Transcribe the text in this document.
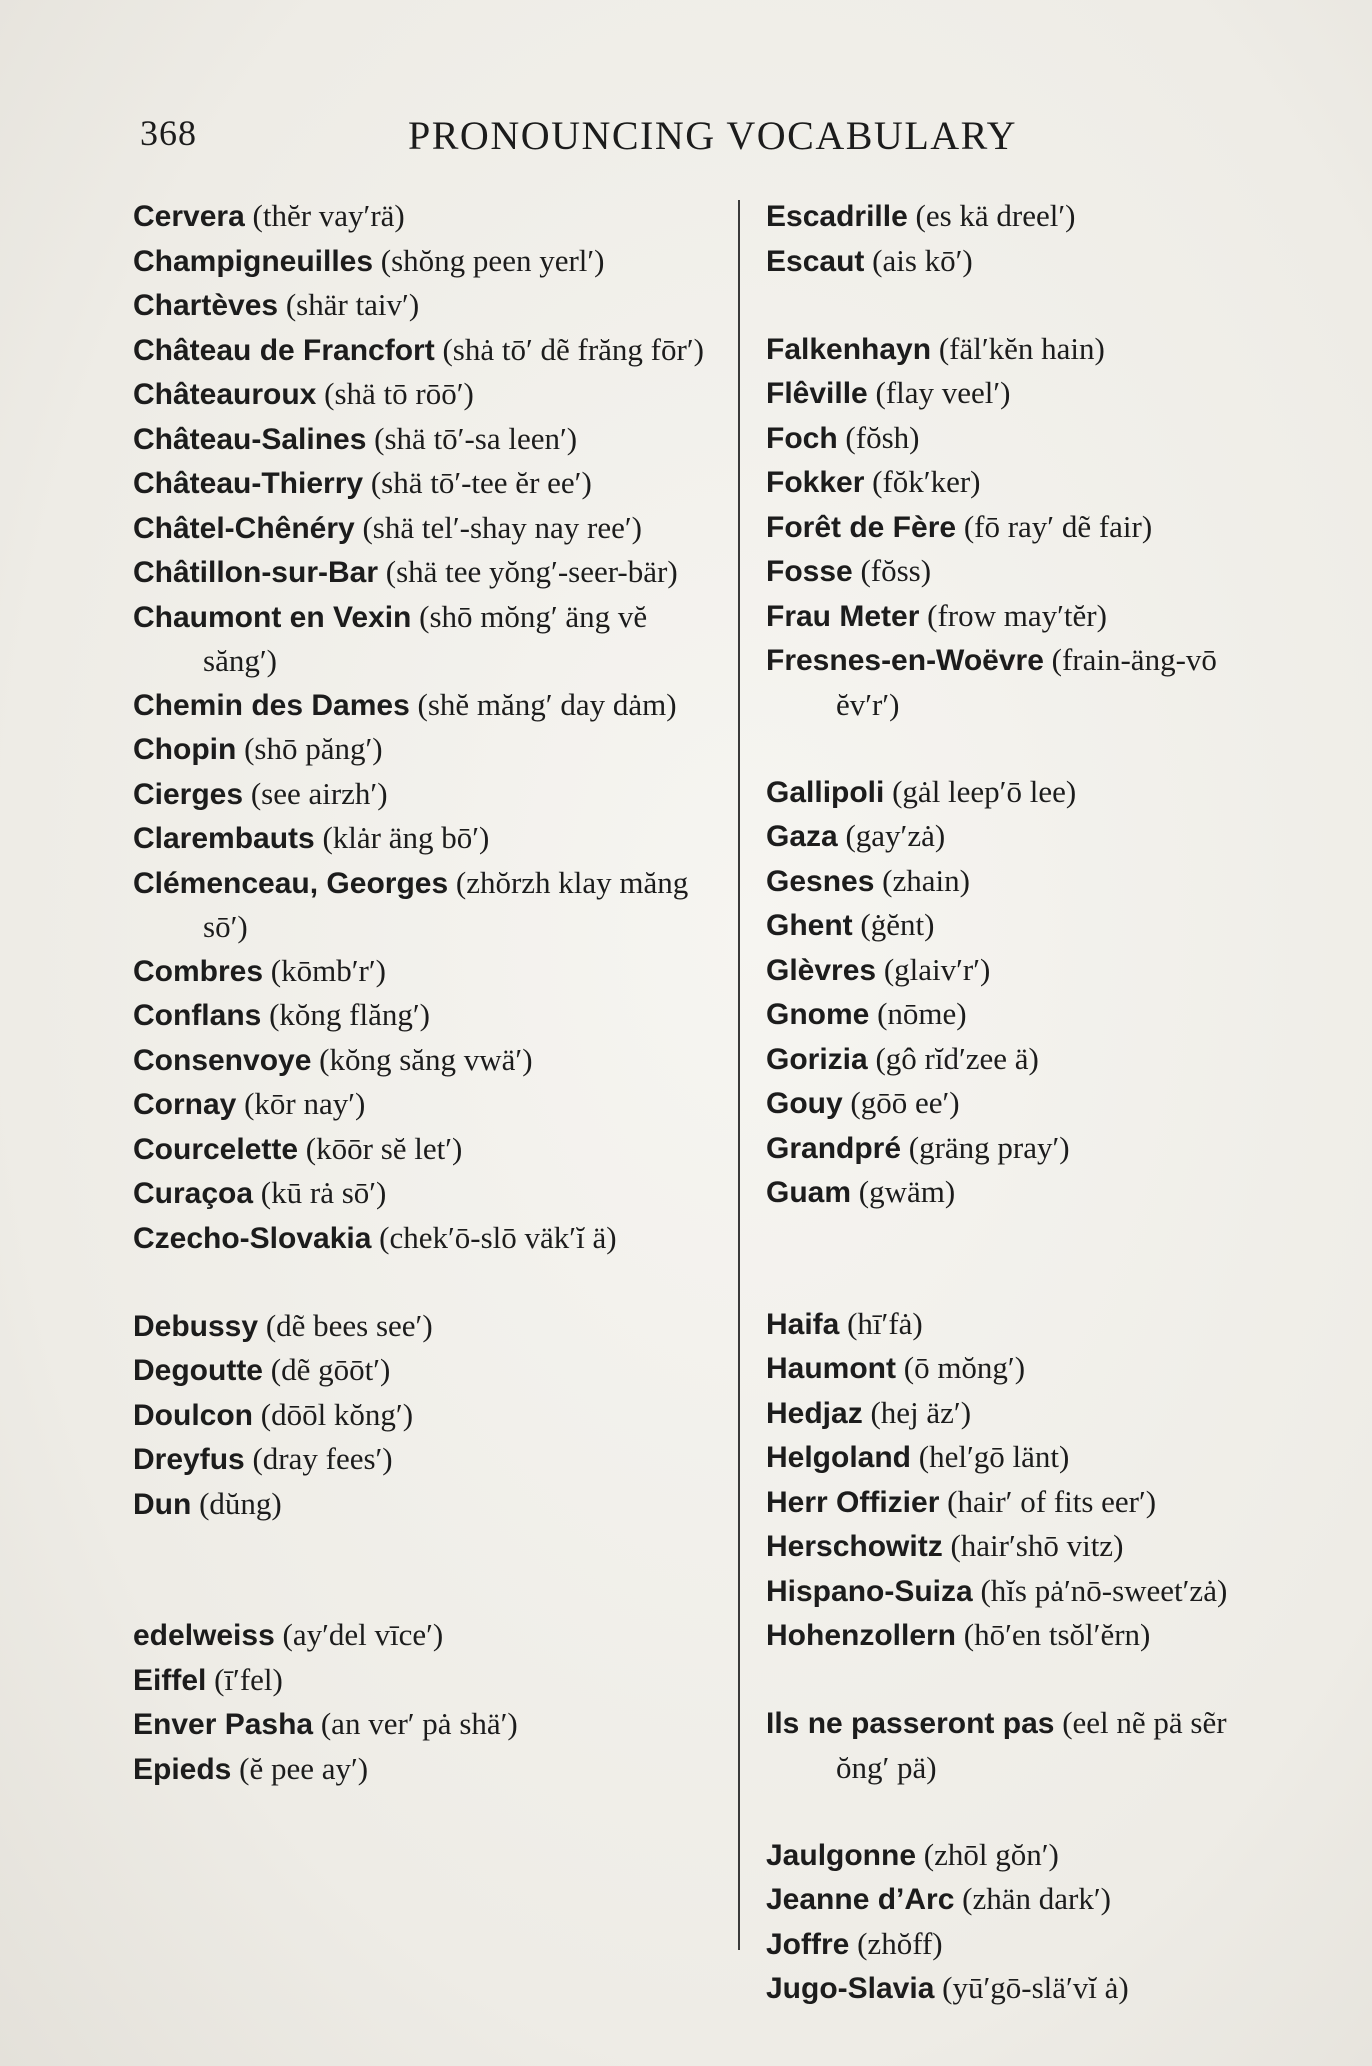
368	PRONOUNCING VOCABULARY
Cervera (thĕr vay′rä)
Champigneuilles (shŏng peen yerl′)
Chartèves (shär taiv′)
Château de Francfort (shȧ tō′ dẽ frăng fōr′)
Châteauroux (shä tō rōō′)
Château-Salines (shä tō′-sa leen′)
Château-Thierry (shä tō′-tee ĕr ee′)
Châtel-Chênéry (shä tel′-shay nay ree′)
Châtillon-sur-Bar (shä tee yŏng′-seer-bär)
Chaumont en Vexin (shō mŏng′ äng vĕ săng′)
Chemin des Dames (shĕ măng′ day dȧm)
Chopin (shō păng′)
Cierges (see airzh′)
Clarembauts (klȧr äng bō′)
Clémenceau, Georges (zhŏrzh klay măng sō′)
Combres (kōmb′r′)
Conflans (kŏng flăng′)
Consenvoye (kŏng săng vwä′)
Cornay (kōr nay′)
Courcelette (kōōr sĕ let′)
Curaçoa (kū rȧ sō′)
Czecho-Slovakia (chek′ō-slō väk′ĭ ä)
Debussy (dẽ bees see′)
Degoutte (dẽ gōōt′)
Doulcon (dōōl kŏng′)
Dreyfus (dray fees′)
Dun (dŭng)
edelweiss (ay′del vīce′)
Eiffel (ī′fel)
Enver Pasha (an ver′ pȧ shä′)
Epieds (ĕ pee ay′)
Escadrille (es kä dreel′)
Escaut (ais kō′)
Falkenhayn (fäl′kĕn hain)
Flêville (flay veel′)
Foch (fŏsh)
Fokker (fŏk′ker)
Forêt de Fère (fō ray′ dẽ fair)
Fosse (fŏss)
Frau Meter (frow may′tĕr)
Fresnes-en-Woëvre (frain-äng-vō ĕv′r′)
Gallipoli (gȧl leep′ō lee)
Gaza (gay′zȧ)
Gesnes (zhain)
Ghent (ġĕnt)
Glèvres (glaiv′r′)
Gnome (nōme)
Gorizia (gô rĭd′zee ä)
Gouy (gōō ee′)
Grandpré (gräng pray′)
Guam (gwäm)
Haifa (hī′fȧ)
Haumont (ō mŏng′)
Hedjaz (hej äz′)
Helgoland (hel′gō länt)
Herr Offizier (hair′ of fits eer′)
Herschowitz (hair′shō vitz)
Hispano-Suiza (hĭs pȧ′nō-sweet′zȧ)
Hohenzollern (hō′en tsŏl′ĕrn)
Ils ne passeront pas (eel nẽ pä sẽr ŏng′ pä)
Jaulgonne (zhōl gŏn′)
Jeanne d’Arc (zhän dark′)
Joffre (zhŏff)
Jugo-Slavia (yū′gō-slä′vĭ ȧ)
